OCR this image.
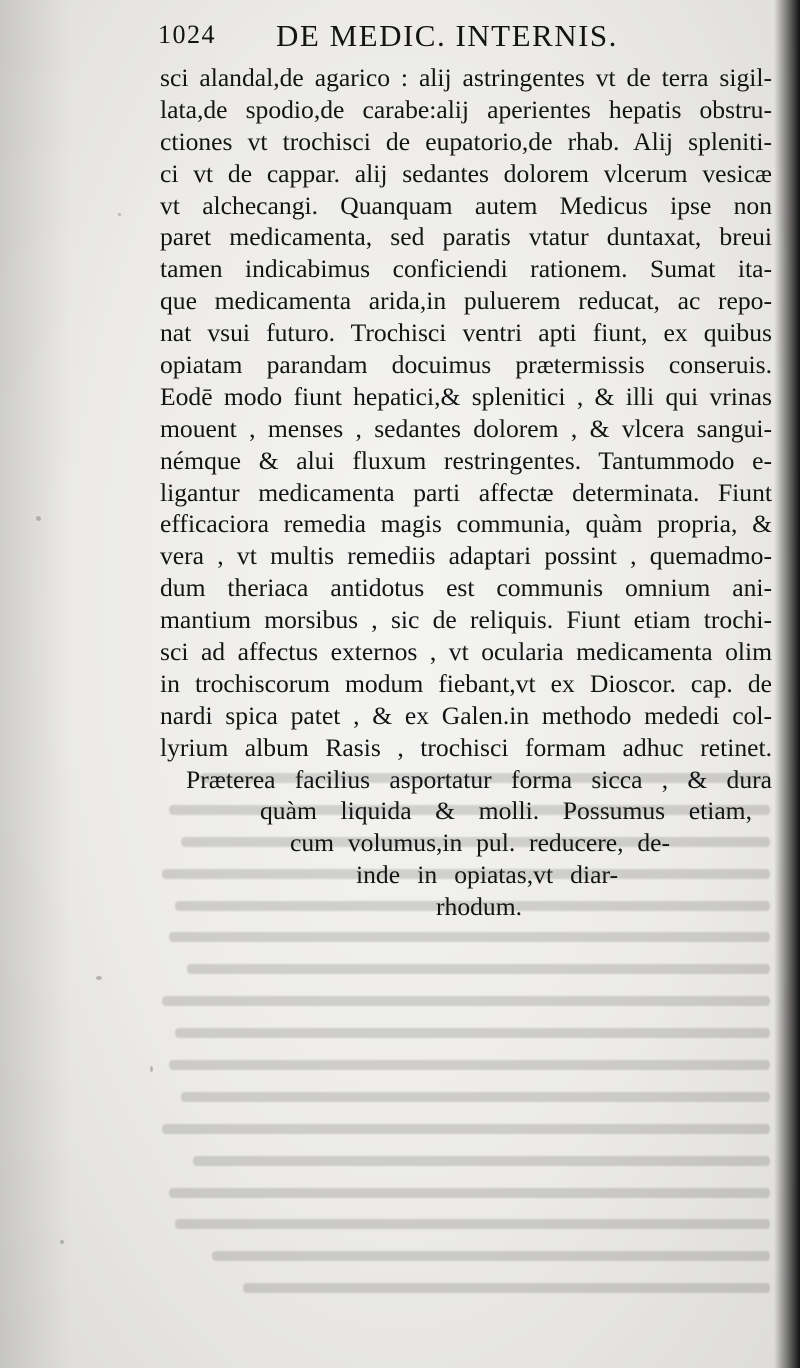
1024 DE MEDIC. INTERNIS.
sci alandal,de agarico : alij astringentes vt de terra sigil-
lata,de spodio,de carabe:alij aperientes hepatis obstru-
ctiones vt trochisci de eupatorio,de rhab. Alij spleniti-
ci vt de cappar. alij sedantes dolorem vlcerum vesicæ
vt alchecangi. Quanquam autem Medicus ipse non
paret medicamenta, sed paratis vtatur duntaxat, breui
tamen indicabimus conficiendi rationem. Sumat ita-
que medicamenta arida,in puluerem reducat, ac repo-
nat vsui futuro. Trochisci ventri apti fiunt, ex quibus
opiatam parandam docuimus prætermissis conseruis.
Eodē modo fiunt hepatici,& splenitici , & illi qui vrinas
mouent , menses , sedantes dolorem , & vlcera sangui-
némque & alui fluxum restringentes. Tantummodo e-
ligantur medicamenta parti affectæ determinata. Fiunt
efficaciora remedia magis communia, quàm propria, &
vera , vt multis remediis adaptari possint , quemadmo-
dum theriaca antidotus est communis omnium ani-
mantium morsibus , sic de reliquis. Fiunt etiam trochi-
sci ad affectus externos , vt ocularia medicamenta olim
in trochiscorum modum fiebant,vt ex Dioscor. cap. de
nardi spica patet , & ex Galen.in methodo mededi col-
lyrium album Rasis , trochisci formam adhuc retinet.
Præterea facilius asportatur forma sicca , & dura
quàm liquida & molli. Possumus etiam,
cum volumus,in pul. reducere, de-
inde in opiatas,vt diar-
rhodum.
